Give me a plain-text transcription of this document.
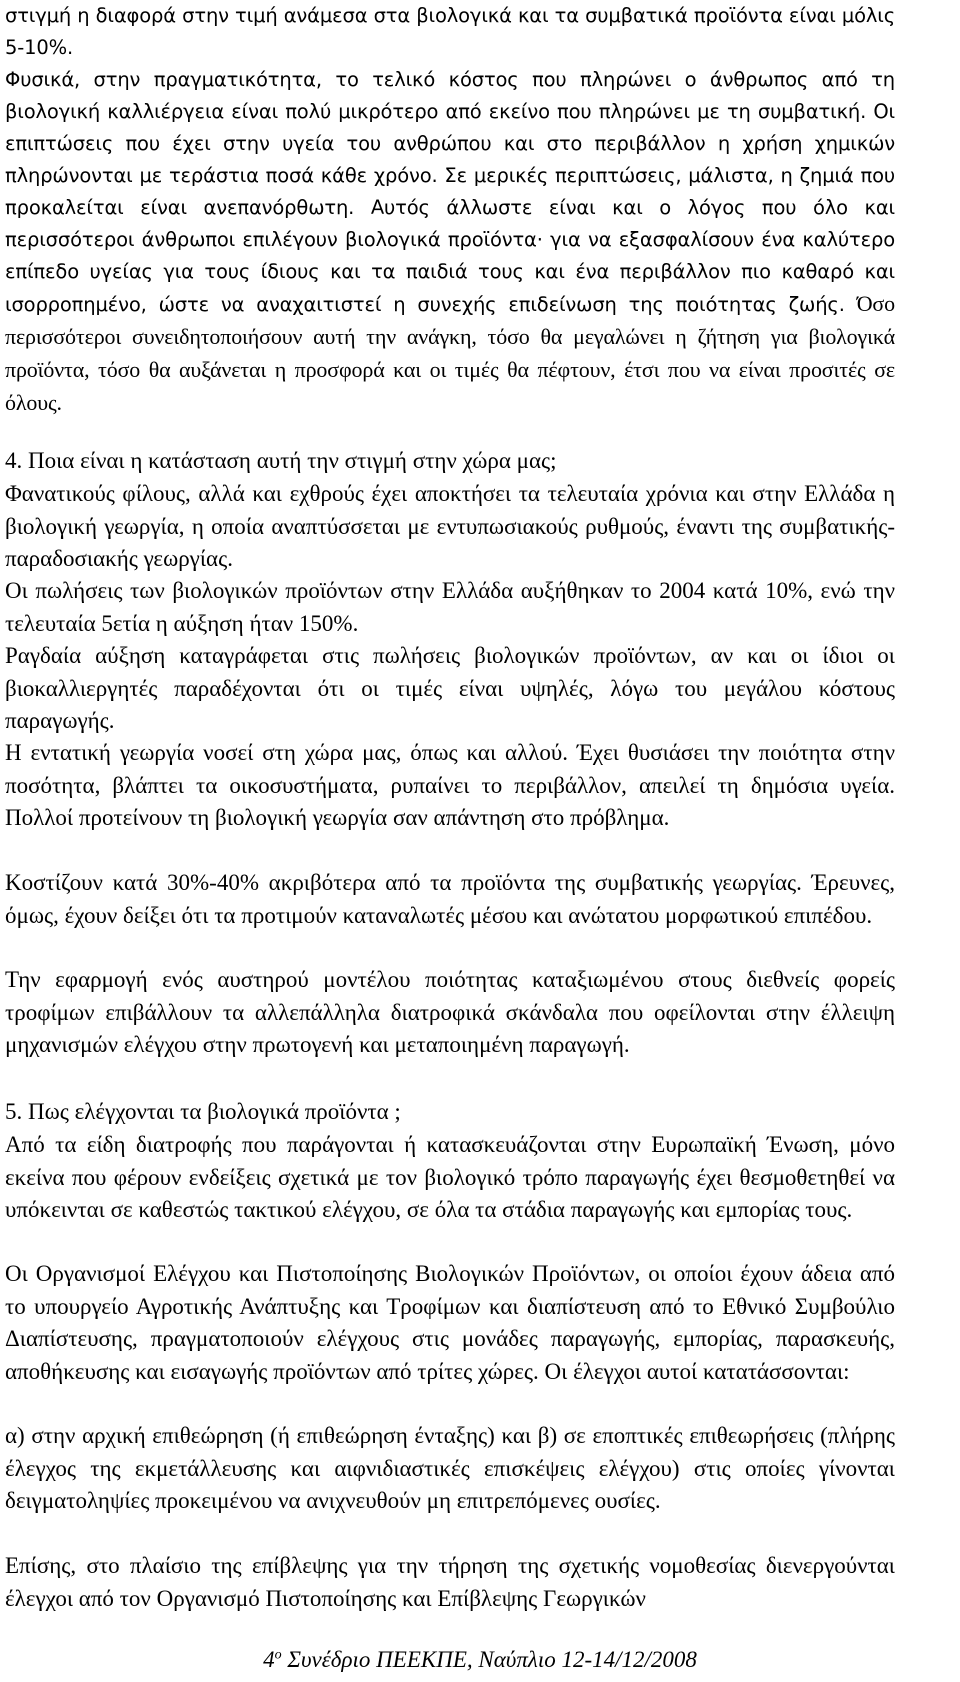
στιγμή η διαφορά στην τιμή ανάμεσα στα βιολογικά και τα συμβατικά προϊόντα είναι μόλις 5-10%.

Φυσικά, στην πραγματικότητα, το τελικό κόστος που πληρώνει ο άνθρωπος από τη βιολογική καλλιέργεια είναι πολύ μικρότερο από εκείνο που πληρώνει με τη συμβατική. Οι επιπτώσεις που έχει στην υγεία του ανθρώπου και στο περιβάλλον η χρήση χημικών πληρώνονται με τεράστια ποσά κάθε χρόνο. Σε μερικές περιπτώσεις, μάλιστα, η ζημιά που προκαλείται είναι ανεπανόρθωτη. Αυτός άλλωστε είναι και ο λόγος που όλο και περισσότεροι άνθρωποι επιλέγουν βιολογικά προϊόντα· για να εξασφαλίσουν ένα καλύτερο επίπεδο υγείας για τους ίδιους και τα παιδιά τους και ένα περιβάλλον πιο καθαρό και ισορροπημένο, ώστε να αναχαιτιστεί η συνεχής επιδείνωση της ποιότητας ζωής. Όσο περισσότεροι συνειδητοποιήσουν αυτή την ανάγκη, τόσο θα μεγαλώνει η ζήτηση για βιολογικά προϊόντα, τόσο θα αυξάνεται η προσφορά και οι τιμές θα πέφτουν, έτσι που να είναι προσιτές σε όλους.

4. Ποια είναι η κατάσταση αυτή την στιγμή στην χώρα μας;

Φανατικούς φίλους, αλλά και εχθρούς έχει αποκτήσει τα τελευταία χρόνια και στην Ελλάδα η βιολογική γεωργία, η οποία αναπτύσσεται με εντυπωσιακούς ρυθμούς, έναντι της συμβατικής-παραδοσιακής γεωργίας.

Οι πωλήσεις των βιολογικών προϊόντων στην Ελλάδα αυξήθηκαν το 2004 κατά 10%, ενώ την τελευταία 5ετία η αύξηση ήταν 150%.

Ραγδαία αύξηση καταγράφεται στις πωλήσεις βιολογικών προϊόντων, αν και οι ίδιοι οι βιοκαλλιεργητές παραδέχονται ότι οι τιμές είναι υψηλές, λόγω του μεγάλου κόστους παραγωγής.

Η εντατική γεωργία νοσεί στη χώρα μας, όπως και αλλού. Έχει θυσιάσει την ποιότητα στην ποσότητα, βλάπτει τα οικοσυστήματα, ρυπαίνει το περιβάλλον, απειλεί τη δημόσια υγεία. Πολλοί προτείνουν τη βιολογική γεωργία σαν απάντηση στο πρόβλημα.

Κοστίζουν κατά 30%-40% ακριβότερα από τα προϊόντα της συμβατικής γεωργίας. Έρευνες, όμως, έχουν δείξει ότι τα προτιμούν καταναλωτές μέσου και ανώτατου μορφωτικού επιπέδου.

Την εφαρμογή ενός αυστηρού μοντέλου ποιότητας καταξιωμένου στους διεθνείς φορείς τροφίμων επιβάλλουν τα αλλεπάλληλα διατροφικά σκάνδαλα που οφείλονται στην έλλειψη μηχανισμών ελέγχου στην πρωτογενή και μεταποιημένη παραγωγή.

5. Πως ελέγχονται τα βιολογικά προϊόντα ;

Από τα είδη διατροφής που παράγονται ή κατασκευάζονται στην Ευρωπαϊκή Ένωση, μόνο εκείνα που φέρουν ενδείξεις σχετικά με τον βιολογικό τρόπο παραγωγής έχει θεσμοθετηθεί να υπόκεινται σε καθεστώς τακτικού ελέγχου, σε όλα τα στάδια παραγωγής και εμπορίας τους.

Οι Οργανισμοί Ελέγχου και Πιστοποίησης Βιολογικών Προϊόντων, οι οποίοι έχουν άδεια από το υπουργείο Αγροτικής Ανάπτυξης και Τροφίμων και διαπίστευση από το Εθνικό Συμβούλιο Διαπίστευσης, πραγματοποιούν ελέγχους στις μονάδες παραγωγής, εμπορίας, παρασκευής, αποθήκευσης και εισαγωγής προϊόντων από τρίτες χώρες. Οι έλεγχοι αυτοί κατατάσσονται:

α) στην αρχική επιθεώρηση (ή επιθεώρηση ένταξης) και β) σε εποπτικές επιθεωρήσεις (πλήρης έλεγχος της εκμετάλλευσης και αιφνιδιαστικές επισκέψεις ελέγχου) στις οποίες γίνονται δειγματοληψίες προκειμένου να ανιχνευθούν μη επιτρεπόμενες ουσίες.

Επίσης, στο πλαίσιο της επίβλεψης για την τήρηση της σχετικής νομοθεσίας διενεργούνται έλεγχοι από τον Οργανισμό Πιστοποίησης και Επίβλεψης Γεωργικών

$4^o$ Συνέδριο ΠΕΕΚΠΕ, Ναύπλιο 12-14/12/2008
